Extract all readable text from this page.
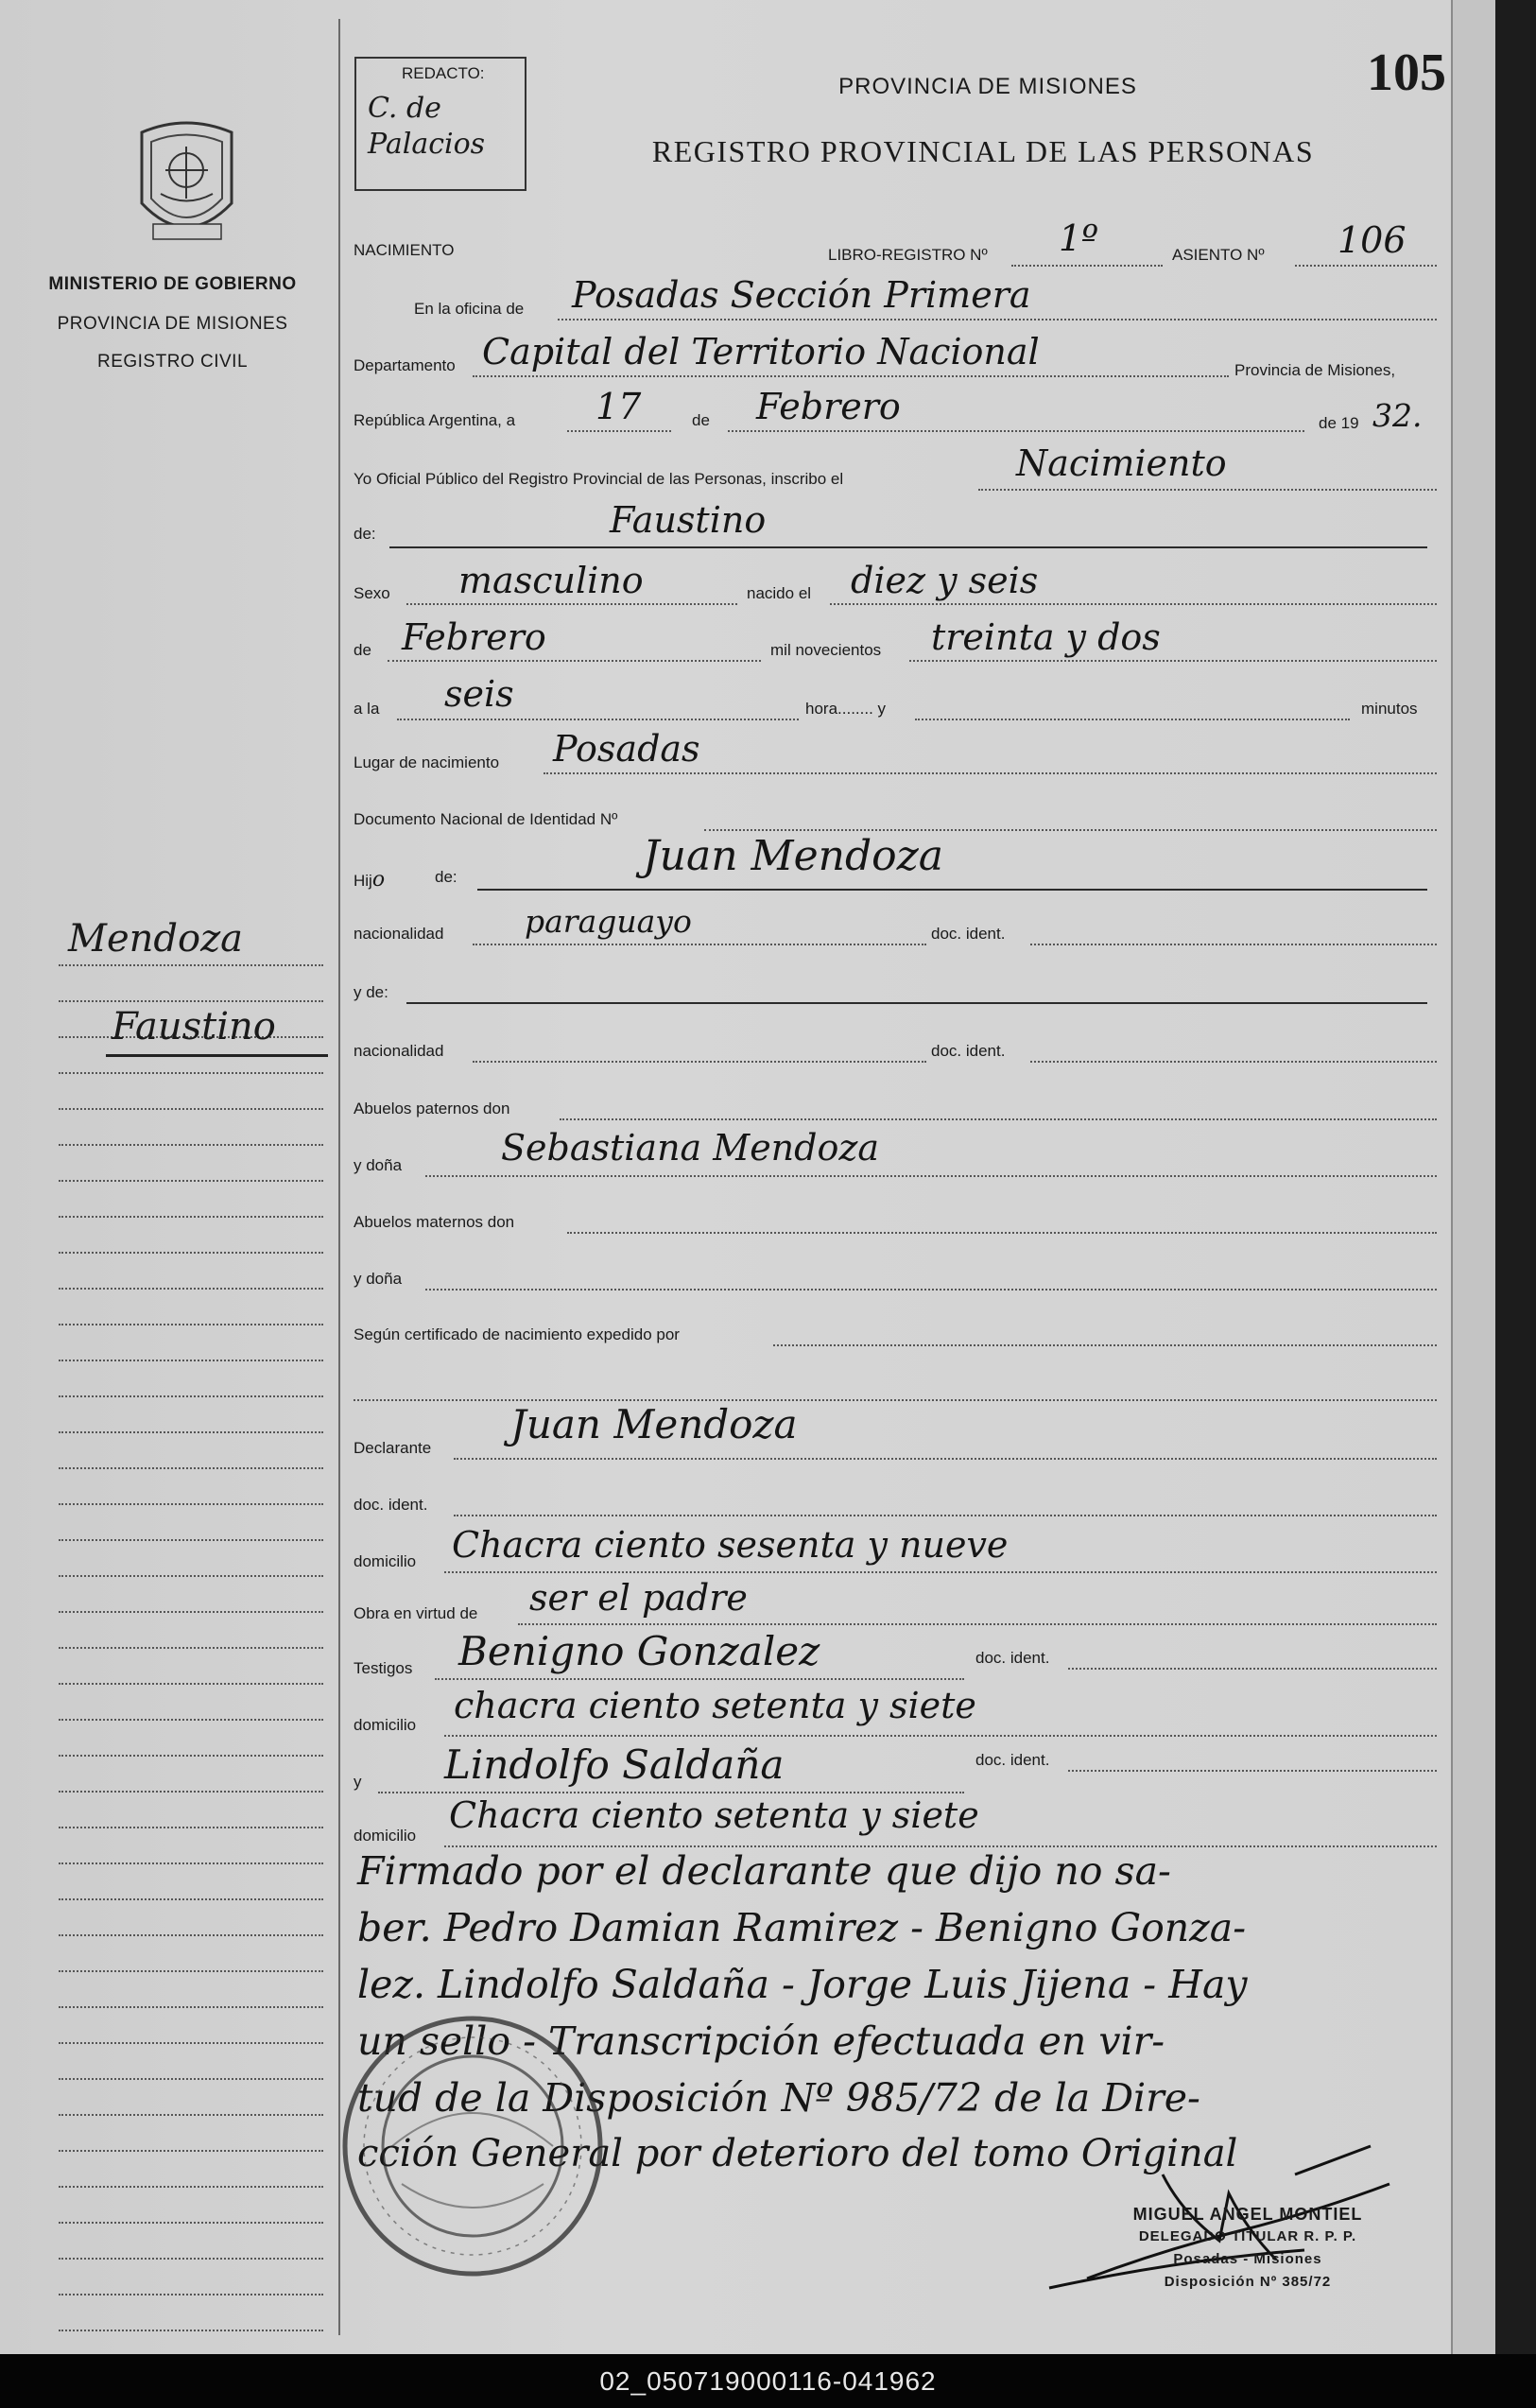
MINISTERIO DE GOBIERNO
PROVINCIA DE MISIONES
REGISTRO CIVIL
REDACTO:
C. de
Palacios
PROVINCIA DE MISIONES
REGISTRO PROVINCIAL DE LAS PERSONAS
105
NACIMIENTO	LIBRO-REGISTRO Nº 1º	ASIENTO Nº 106
En la oficina de Posadas Sección Primera
Departamento Capital del Territorio Nacional	Provincia de Misiones,
República Argentina, a 17	de Febrero	de 19 32.
Yo Oficial Público del Registro Provincial de las Personas, inscribo el	Nacimiento
de:	Faustino
Sexo masculino	nacido el diez y seis
de Febrero	mil novecientos treinta y dos
a la seis	hora........ y	minutos
Lugar de nacimiento Posadas
Documento Nacional de Identidad Nº
Hijo	de:	Juan Mendoza
nacionalidad	paraguayo	doc. ident.
y de:
nacionalidad	doc. ident.
Abuelos paternos don
y doña	Sebastiana Mendoza
Abuelos maternos don
y doña
Según certificado de nacimiento expedido por
Declarante
Juan Mendoza
doc. ident.
domicilio Chacra ciento sesenta y nueve
Obra en virtud de ser el padre
Testigos Benigno Gonzalez	doc. ident.
domicilio chacra ciento setenta y siete
y Lindolfo Saldaña	doc. ident.
domicilio Chacra ciento setenta y siete
Firmado por el declarante que dijo no sa-
ber. Pedro Damian Ramirez - Benigno Gonza-
lez. Lindolfo Saldaña - Jorge Luis Jijena - Hay
un sello - Transcripción efectuada en vir-
tud de la Disposición Nº 985/72 de la Dire-
cción General por deterioro del tomo Original
Mendoza
Faustino
MIGUEL ANGEL MONTIEL
DELEGADO TITULAR R. P. P.
Posadas - Misiones
Disposición Nº 385/72
02_050719000116-041962
